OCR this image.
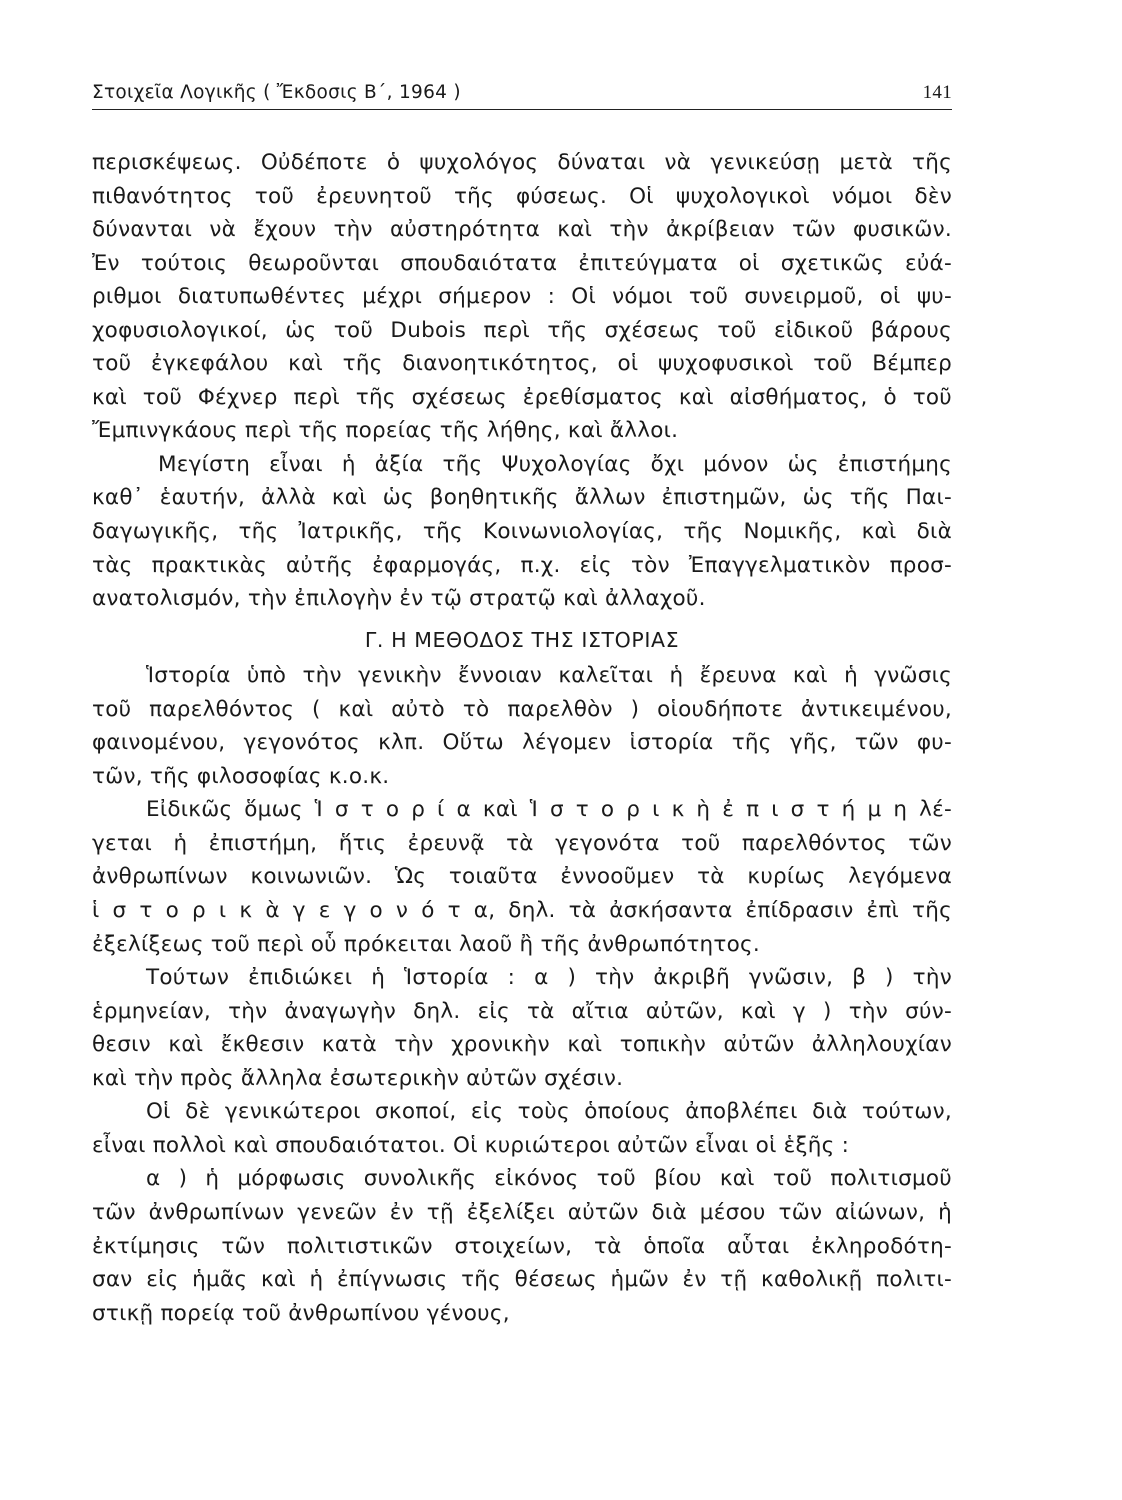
Στοιχεῖα Λογικῆς ( Ἔκδοσις Β΄, 1964 )	141
περισκέψεως. Οὐδέποτε ὁ ψυχολόγος δύναται νὰ γενικεύσῃ μετὰ τῆς
πιθανότητος τοῦ ἐρευνητοῦ τῆς φύσεως. Οἱ ψυχολογικοὶ νόμοι δὲν
δύνανται νὰ ἔχουν τὴν αὐστηρότητα καὶ τὴν ἀκρίβειαν τῶν φυσικῶν.
Ἐν τούτοις θεωροῦνται σπουδαιότατα ἐπιτεύγματα οἱ σχετικῶς εὐά-
ριθμοι διατυπωθέντες μέχρι σήμερον : Οἱ νόμοι τοῦ συνειρμοῦ, οἱ ψυ-
χοφυσιολογικοί, ὡς τοῦ Dubois περὶ τῆς σχέσεως τοῦ εἰδικοῦ βάρους
τοῦ ἐγκεφάλου καὶ τῆς διανοητικότητος, οἱ ψυχοφυσικοὶ τοῦ Βέμπερ
καὶ τοῦ Φέχνερ περὶ τῆς σχέσεως ἐρεθίσματος καὶ αἰσθήματος, ὁ τοῦ
Ἔμπινγκάους περὶ τῆς πορείας τῆς λήθης, καὶ ἄλλοι.
Μεγίστη εἶναι ἡ ἀξία τῆς Ψυχολογίας ὄχι μόνον ὡς ἐπιστήμης
καθ᾿ ἑαυτήν, ἀλλὰ καὶ ὡς βοηθητικῆς ἄλλων ἐπιστημῶν, ὡς τῆς Παι-
δαγωγικῆς, τῆς Ἰατρικῆς, τῆς Κοινωνιολογίας, τῆς Νομικῆς, καὶ διὰ
τὰς πρακτικὰς αὐτῆς ἐφαρμογάς, π.χ. εἰς τὸν Ἐπαγγελματικὸν προσ-
ανατολισμόν, τὴν ἐπιλογὴν ἐν τῷ στρατῷ καὶ ἀλλαχοῦ.
Γ. Η ΜΕΘΟΔΟΣ ΤΗΣ ΙΣΤΟΡΙΑΣ
Ἱστορία ὑπὸ τὴν γενικὴν ἔννοιαν καλεῖται ἡ ἔρευνα καὶ ἡ γνῶσις
τοῦ παρελθόντος ( καὶ αὐτὸ τὸ παρελθὸν ) οἱουδήποτε ἀντικειμένου,
φαινομένου, γεγονότος κλπ. Οὕτω λέγομεν ἱστορία τῆς γῆς, τῶν φυ-
τῶν, τῆς φιλοσοφίας κ.ο.κ.
Εἰδικῶς ὅμως Ἱ σ τ ο ρ ί α καὶ Ἱ σ τ ο ρ ι κ ὴ ἐ π ι σ τ ή μ η λέ-
γεται ἡ ἐπιστήμη, ἥτις ἐρευνᾷ τὰ γεγονότα τοῦ παρελθόντος τῶν
ἀνθρωπίνων κοινωνιῶν. Ὡς τοιαῦτα ἐννοοῦμεν τὰ κυρίως λεγόμενα
ἱ σ τ ο ρ ι κ ὰ γ ε γ ο ν ό τ α, δηλ. τὰ ἀσκήσαντα ἐπίδρασιν ἐπὶ τῆς
ἐξελίξεως τοῦ περὶ οὗ πρόκειται λαοῦ ἢ τῆς ἀνθρωπότητος.
Τούτων ἐπιδιώκει ἡ Ἱστορία : α ) τὴν ἀκριβῆ γνῶσιν, β ) τὴν
ἑρμηνείαν, τὴν ἀναγωγὴν δηλ. εἰς τὰ αἴτια αὐτῶν, καὶ γ ) τὴν σύν-
θεσιν καὶ ἔκθεσιν κατὰ τὴν χρονικὴν καὶ τοπικὴν αὐτῶν ἀλληλουχίαν
καὶ τὴν πρὸς ἄλληλα ἐσωτερικὴν αὐτῶν σχέσιν.
Οἱ δὲ γενικώτεροι σκοποί, εἰς τοὺς ὁποίους ἀποβλέπει διὰ τούτων,
εἶναι πολλοὶ καὶ σπουδαιότατοι. Οἱ κυριώτεροι αὐτῶν εἶναι οἱ ἑξῆς :
α ) ἡ μόρφωσις συνολικῆς εἰκόνος τοῦ βίου καὶ τοῦ πολιτισμοῦ
τῶν ἀνθρωπίνων γενεῶν ἐν τῇ ἐξελίξει αὐτῶν διὰ μέσου τῶν αἰώνων, ἡ
ἐκτίμησις τῶν πολιτιστικῶν στοιχείων, τὰ ὁποῖα αὗται ἐκληροδότη-
σαν εἰς ἡμᾶς καὶ ἡ ἐπίγνωσις τῆς θέσεως ἡμῶν ἐν τῇ καθολικῇ πολιτι-
στικῇ πορείᾳ τοῦ ἀνθρωπίνου γένους,
